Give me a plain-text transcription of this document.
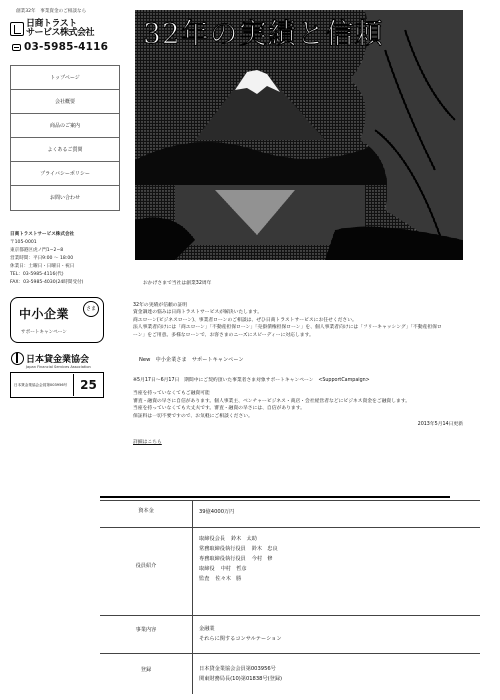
創業32年　事業資金のご相談なら
日商トラスト
サービス株式会社
03-5985-4116
トップページ
会社概要
商品のご案内
よくあるご質問
プライバシーポリシー
お問い合わせ
日商トラストサービス株式会社
〒105-0001
東京都港区虎ノ門1−2−8
営業時間：平日9:00 〜 18:00
休業日：土曜日・日曜日・祝日
TEL：03-5985-4116(代)
FAX：03-5985-4030(24時間受付)
中小企業	さま
サポートキャンペーン
日本貸金業協会
Japan Financial Services Association
日本貸金業協会会員第003956号	25
32年の実績と信頼
おかげさまで当社は創業32周年

32年の実績が信頼の証明

資金調達の悩みは日商トラストサービスが解決いたします。

商エローン(ビジネスローン)、事業者ローンのご相談は、ぜひ日商トラストサービスにお任せください。

法人事業者向けには「商エローン」「不動産担保ローン」「売掛債権担保ローン」を、個人事業者向けには「フリーキャッシング」「不動産担保ロ

ーン」をご用意。多様なローンで、お客さまのニーズにスピーディーに対応します。

New　中小企業さま　サポートキャンペーン

※5月17日〜6月17日　期間中にご契約頂いた事業者さま対象サポートキャンペーン　<SupportCampaign>

当座を持っていなくてもご融資可能

審査・融資の早さに自信があります。個人事業主、ベンチャービジネス・商店・会社経営者などにビジネス資金をご融資します。

当座を持っていなくても大丈夫です。審査・融資の早さには、自信があります。

保証料は一切不要ですので、お気軽にご相談ください。

2013年5月14日更新
詳細はこちら
資本金	39億4000万円
役員紹介
取締役会長 鈴木　太助
常務取締役執行役員 鈴木　忠良
専務取締役執行役員 今村　修
取締役 中村　哲彦
監査 佐々木　勝
事業内容	金融業
それらに関するコンサルテーション
登録	日本貸金業協会会員第003956号
関東財務局長(10)第01838号(登録)
